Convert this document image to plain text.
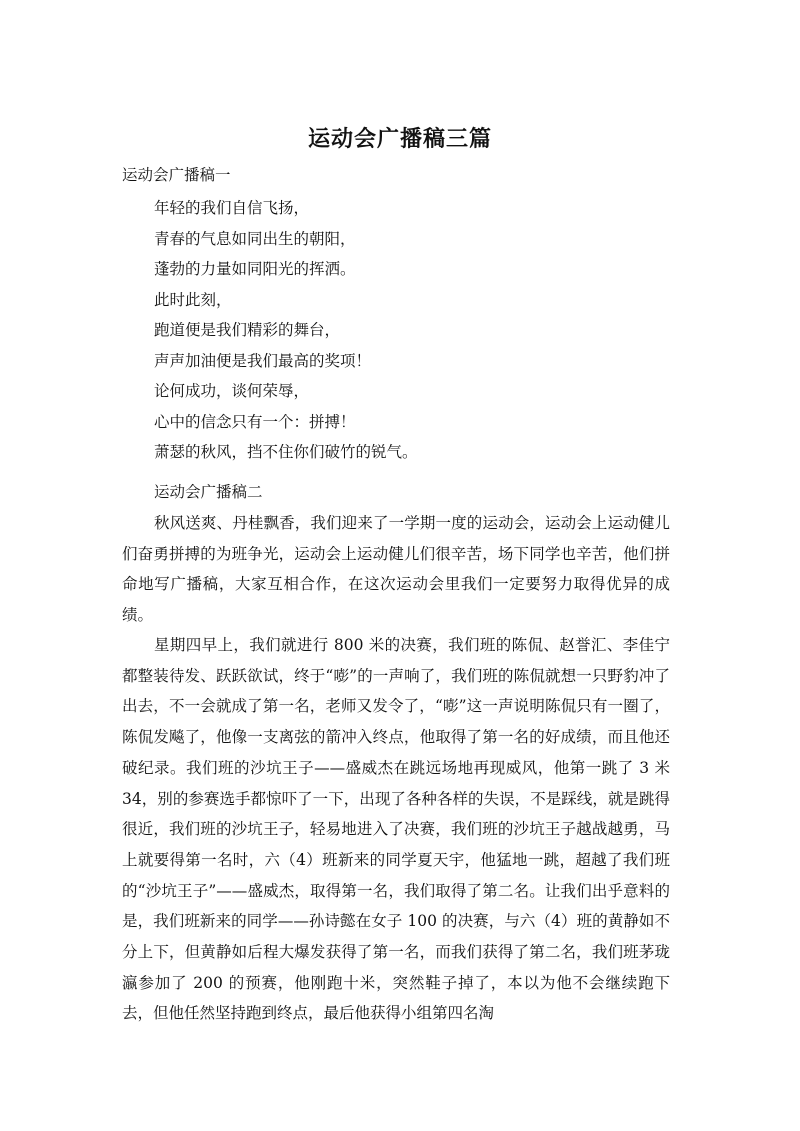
运动会广播稿三篇
运动会广播稿一
年轻的我们自信飞扬，
青春的气息如同出生的朝阳，
蓬勃的力量如同阳光的挥洒。
此时此刻，
跑道便是我们精彩的舞台，
声声加油便是我们最高的奖项！
论何成功，谈何荣辱，
心中的信念只有一个：拼搏！
萧瑟的秋风，挡不住你们破竹的锐气。
运动会广播稿二

秋风送爽、丹桂飘香，我们迎来了一学期一度的运动会，运动会上运动健儿们奋勇拼搏的为班争光，运动会上运动健儿们很辛苦，场下同学也辛苦，他们拼命地写广播稿，大家互相合作，在这次运动会里我们一定要努力取得优异的成绩。

星期四早上，我们就进行 800 米的决赛，我们班的陈侃、赵誉汇、李佳宁都整装待发、跃跃欲试，终于“嘭”的一声响了，我们班的陈侃就想一只野豹冲了出去，不一会就成了第一名，老师又发令了，“嘭”这一声说明陈侃只有一圈了，陈侃发飚了，他像一支离弦的箭冲入终点，他取得了第一名的好成绩，而且他还破纪录。我们班的沙坑王子——盛威杰在跳远场地再现威风，他第一跳了 3 米 34，别的参赛选手都惊吓了一下，出现了各种各样的失误，不是踩线，就是跳得很近，我们班的沙坑王子，轻易地进入了决赛，我们班的沙坑王子越战越勇，马上就要得第一名时，六（4）班新来的同学夏天宇，他猛地一跳，超越了我们班的“沙坑王子”——盛威杰，取得第一名，我们取得了第二名。让我们出乎意料的是，我们班新来的同学——孙诗懿在女子 100 的决赛，与六（4）班的黄静如不分上下，但黄静如后程大爆发获得了第一名，而我们获得了第二名，我们班茅珑瀛参加了 200 的预赛，他刚跑十米，突然鞋子掉了，本以为他不会继续跑下去，但他任然坚持跑到终点，最后他获得小组第四名淘
